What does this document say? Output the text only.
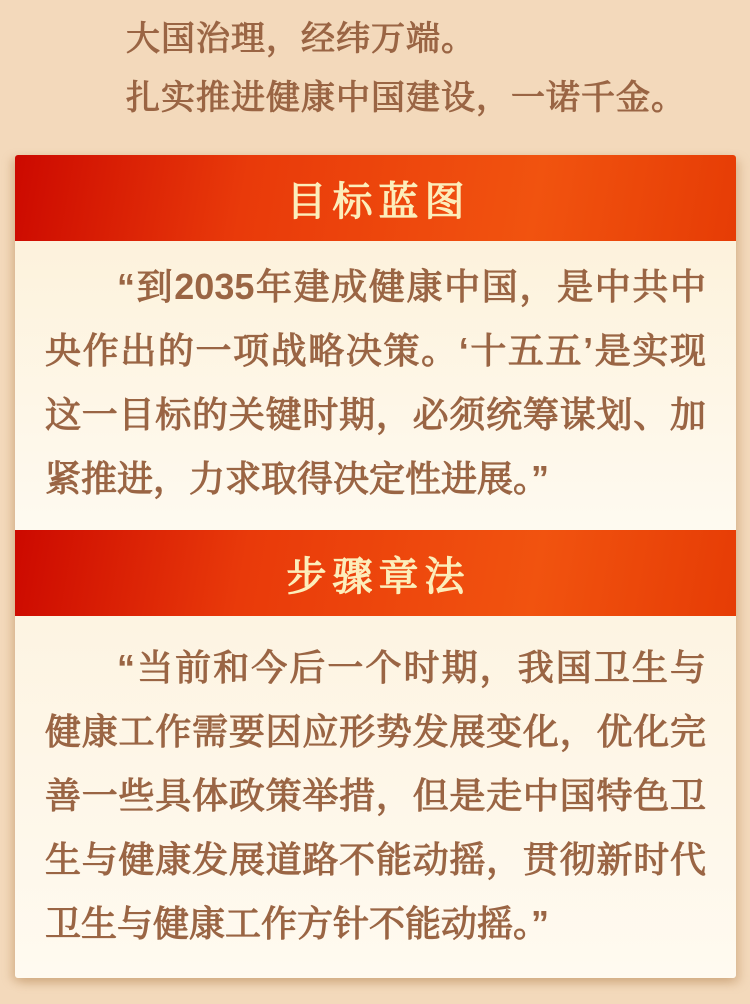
大国治理，经纬万端。

扎实推进健康中国建设，一诺千金。

目标蓝图

“到2035年建成健康中国，是中共中央作出的一项战略决策。‘十五五’是实现这一目标的关键时期，必须统筹谋划、加紧推进，力求取得决定性进展。”

步骤章法

“当前和今后一个时期，我国卫生与健康工作需要因应形势发展变化，优化完善一些具体政策举措，但是走中国特色卫生与健康发展道路不能动摇，贯彻新时代卫生与健康工作方针不能动摇。”
